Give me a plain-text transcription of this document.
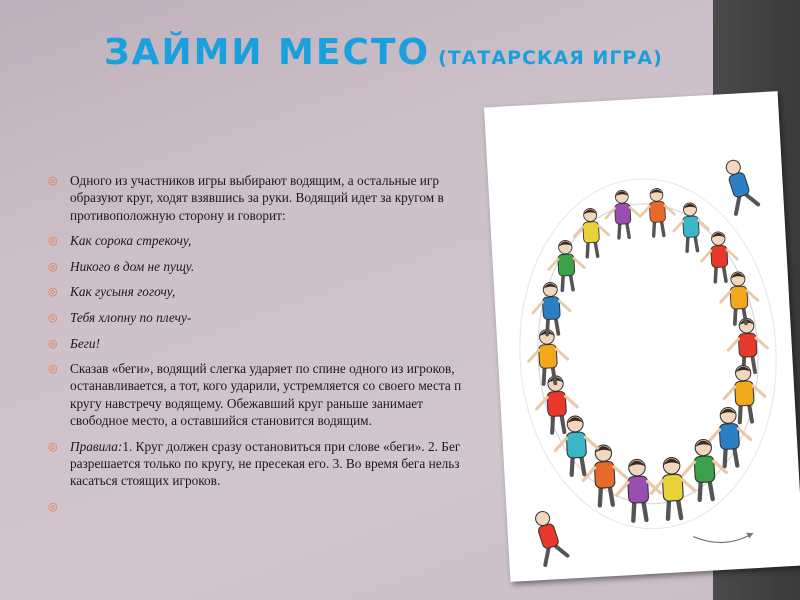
ЗАЙМИ МЕСТО (ТАТАРСКАЯ ИГРА)
◎ Одного из участников игры выбирают водящим, а остальные игр
образуют круг, ходят взявшись за руки. Водящий идет за кругом в
противоположную сторону и говорит:
◎ Как сорока стрекочу,
◎ Никого в дом не пущу.
◎ Как гусыня гогочу,
◎ Тебя хлопну по плечу-
◎ Беги!
◎ Сказав «беги», водящий слегка ударяет по спине одного из игроков,
останавливается, а тот, кого ударили, устремляется со своего места п
кругу навстречу водящему. Обежавший круг раньше занимает
свободное место, а оставшийся становится водящим.
◎ Правила:1. Круг должен сразу остановиться при слове «беги». 2. Бег
разрешается только по кругу, не пресекая его. 3. Во время бега нельз
касаться стоящих игроков.
◎
